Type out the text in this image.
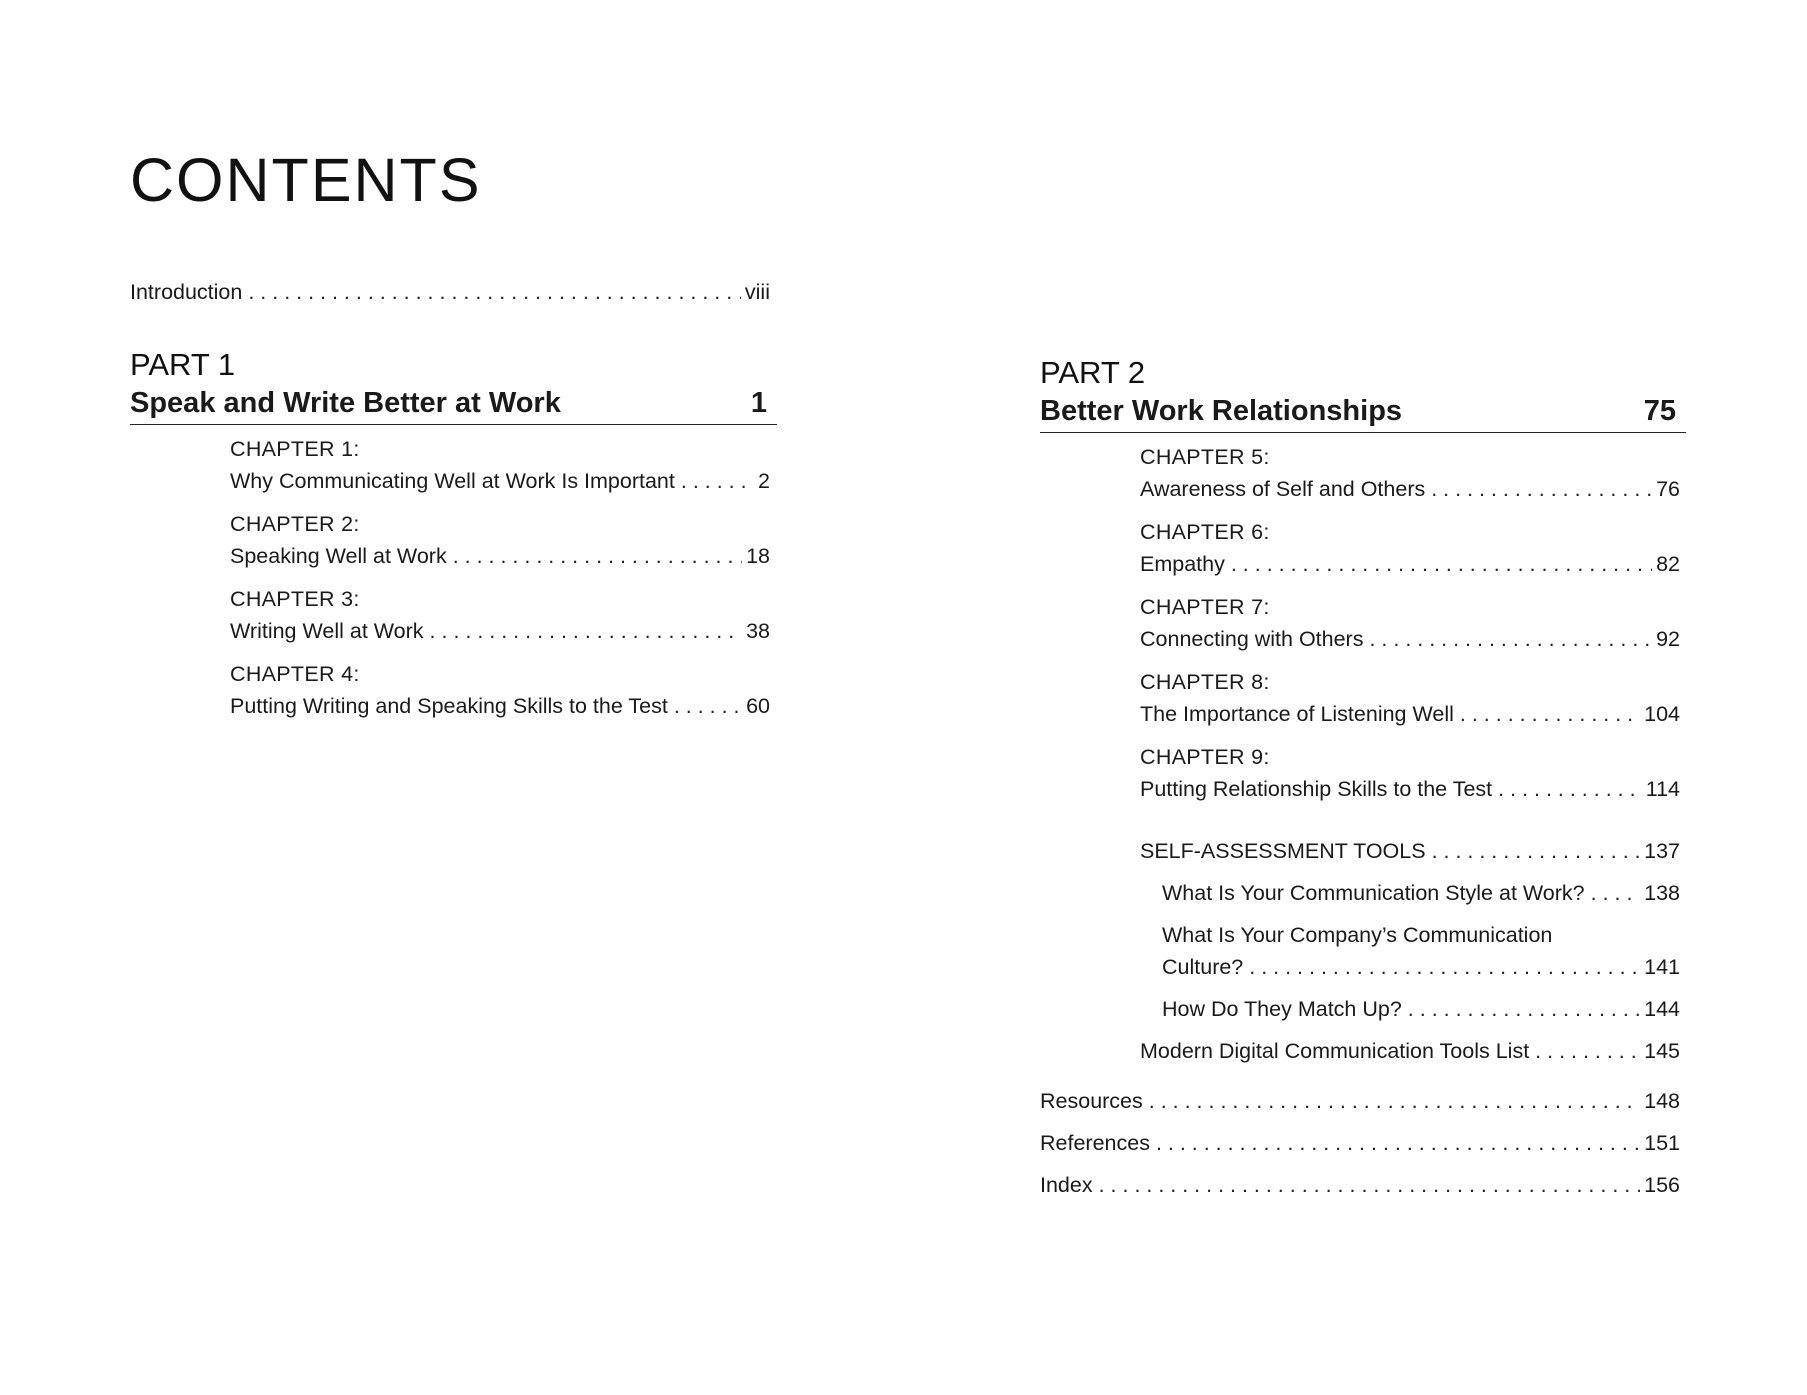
CONTENTS
Introduction . . .	viii
PART 1
Speak and Write Better at Work	1
CHAPTER 1:
Why Communicating Well at Work Is Important . . .	2
CHAPTER 2:
Speaking Well at Work . . .	18
CHAPTER 3:
Writing Well at Work . . .	38
CHAPTER 4:
Putting Writing and Speaking Skills to the Test . . .	60
PART 2
Better Work Relationships	75
CHAPTER 5:
Awareness of Self and Others . . .	76
CHAPTER 6:
Empathy . . .	82
CHAPTER 7:
Connecting with Others . . .	92
CHAPTER 8:
The Importance of Listening Well . . .	104
CHAPTER 9:
Putting Relationship Skills to the Test . . .	114
SELF-ASSESSMENT TOOLS . . .	137
What Is Your Communication Style at Work? . . .	138
What Is Your Company’s Communication
Culture? . . .	141
How Do They Match Up? . . .	144
Modern Digital Communication Tools List . . .	145
Resources . . .	148
References . . .	151
Index . . .	156
